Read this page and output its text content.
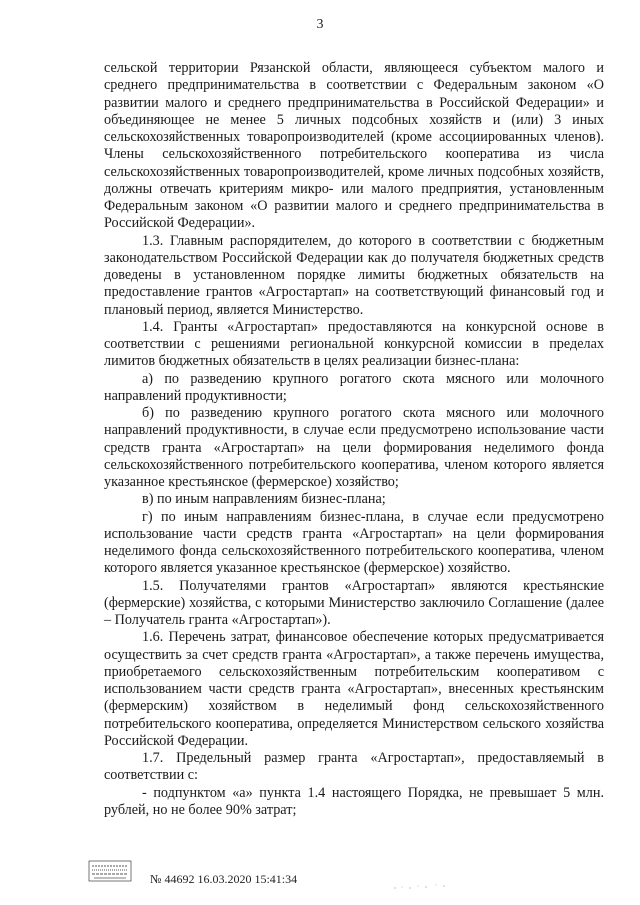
3

сельской территории Рязанской области, являющееся субъектом малого и среднего предпринимательства в соответствии с Федеральным законом «О развитии малого и среднего предпринимательства в Российской Федерации» и объединяющее не менее 5 личных подсобных хозяйств и (или) 3 иных сельскохозяйственных товаропроизводителей (кроме ассоциированных членов). Члены сельскохозяйственного потребительского кооператива из числа сельскохозяйственных товаропроизводителей, кроме личных подсобных хозяйств, должны отвечать критериям микро- или малого предприятия, установленным Федеральным законом «О развитии малого и среднего предпринимательства в Российской Федерации».

1.3. Главным распорядителем, до которого в соответствии с бюджетным законодательством Российской Федерации как до получателя бюджетных средств доведены в установленном порядке лимиты бюджетных обязательств на предоставление грантов «Агростартап» на соответствующий финансовый год и плановый период, является Министерство.

1.4. Гранты «Агростартап» предоставляются на конкурсной основе в соответствии с решениями региональной конкурсной комиссии в пределах лимитов бюджетных обязательств в целях реализации бизнес-плана:

а) по разведению крупного рогатого скота мясного или молочного направлений продуктивности;

б) по разведению крупного рогатого скота мясного или молочного направлений продуктивности, в случае если предусмотрено использование части средств гранта «Агростартап» на цели формирования неделимого фонда сельскохозяйственного потребительского кооператива, членом которого является указанное крестьянское (фермерское) хозяйство;

в) по иным направлениям бизнес-плана;

г) по иным направлениям бизнес-плана, в случае если предусмотрено использование части средств гранта «Агростартап» на цели формирования неделимого фонда сельскохозяйственного потребительского кооператива, членом которого является указанное крестьянское (фермерское) хозяйство.

1.5. Получателями грантов «Агростартап» являются крестьянские (фермерские) хозяйства, с которыми Министерство заключило Соглашение (далее – Получатель гранта «Агростартап»).

1.6. Перечень затрат, финансовое обеспечение которых предусматривается осуществить за счет средств гранта «Агростартап», а также перечень имущества, приобретаемого сельскохозяйственным потребительским кооперативом с использованием части средств гранта «Агростартап», внесенных крестьянским (фермерским) хозяйством в неделимый фонд сельскохозяйственного потребительского кооператива, определяется Министерством сельского хозяйства Российской Федерации.

1.7. Предельный размер гранта «Агростартап», предоставляемый в соответствии с:

- подпунктом «а» пункта 1.4 настоящего Порядка, не превышает 5 млн. рублей, но не более 90% затрат;

№ 44692 16.03.2020 15:41:34
